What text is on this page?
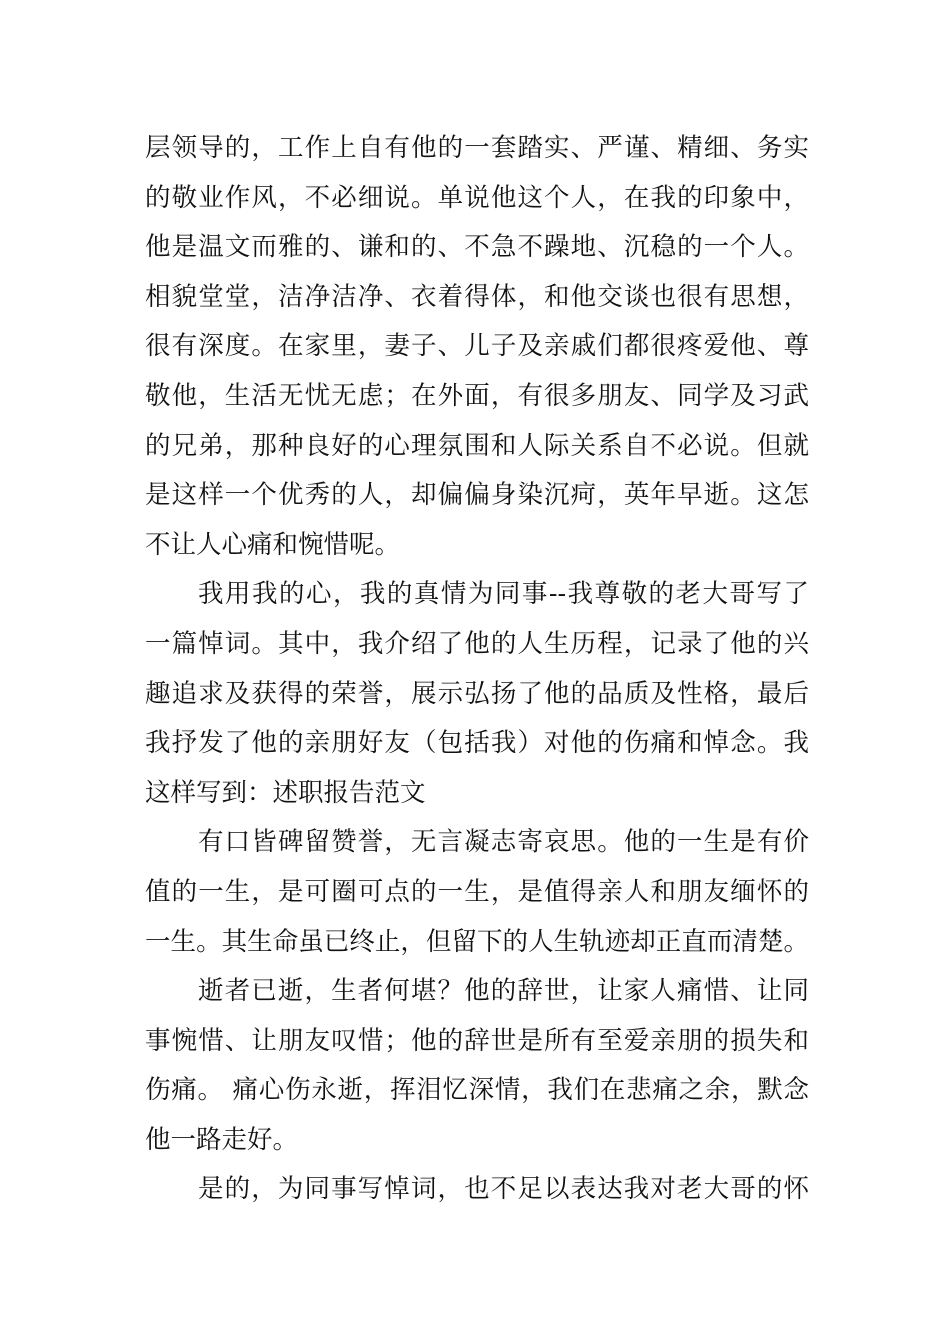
层领导的，工作上自有他的一套踏实、严谨、精细、务实
的敬业作风，不必细说。单说他这个人，在我的印象中，
他是温文而雅的、谦和的、不急不躁地、沉稳的一个人。
相貌堂堂，洁净洁净、衣着得体，和他交谈也很有思想，
很有深度。在家里，妻子、儿子及亲戚们都很疼爱他、尊
敬他，生活无忧无虑；在外面，有很多朋友、同学及习武
的兄弟，那种良好的心理氛围和人际关系自不必说。但就
是这样一个优秀的人，却偏偏身染沉疴，英年早逝。这怎
不让人心痛和惋惜呢。
我用我的心，我的真情为同事--我尊敬的老大哥写了
一篇悼词。其中，我介绍了他的人生历程，记录了他的兴
趣追求及获得的荣誉，展示弘扬了他的品质及性格，最后
我抒发了他的亲朋好友（包括我）对他的伤痛和悼念。我
这样写到：述职报告范文
有口皆碑留赞誉，无言凝志寄哀思。他的一生是有价
值的一生，是可圈可点的一生，是值得亲人和朋友缅怀的
一生。其生命虽已终止，但留下的人生轨迹却正直而清楚。
逝者已逝，生者何堪？他的辞世，让家人痛惜、让同
事惋惜、让朋友叹惜；他的辞世是所有至爱亲朋的损失和
伤痛。 痛心伤永逝，挥泪忆深情，我们在悲痛之余，默念
他一路走好。
是的，为同事写悼词，也不足以表达我对老大哥的怀
